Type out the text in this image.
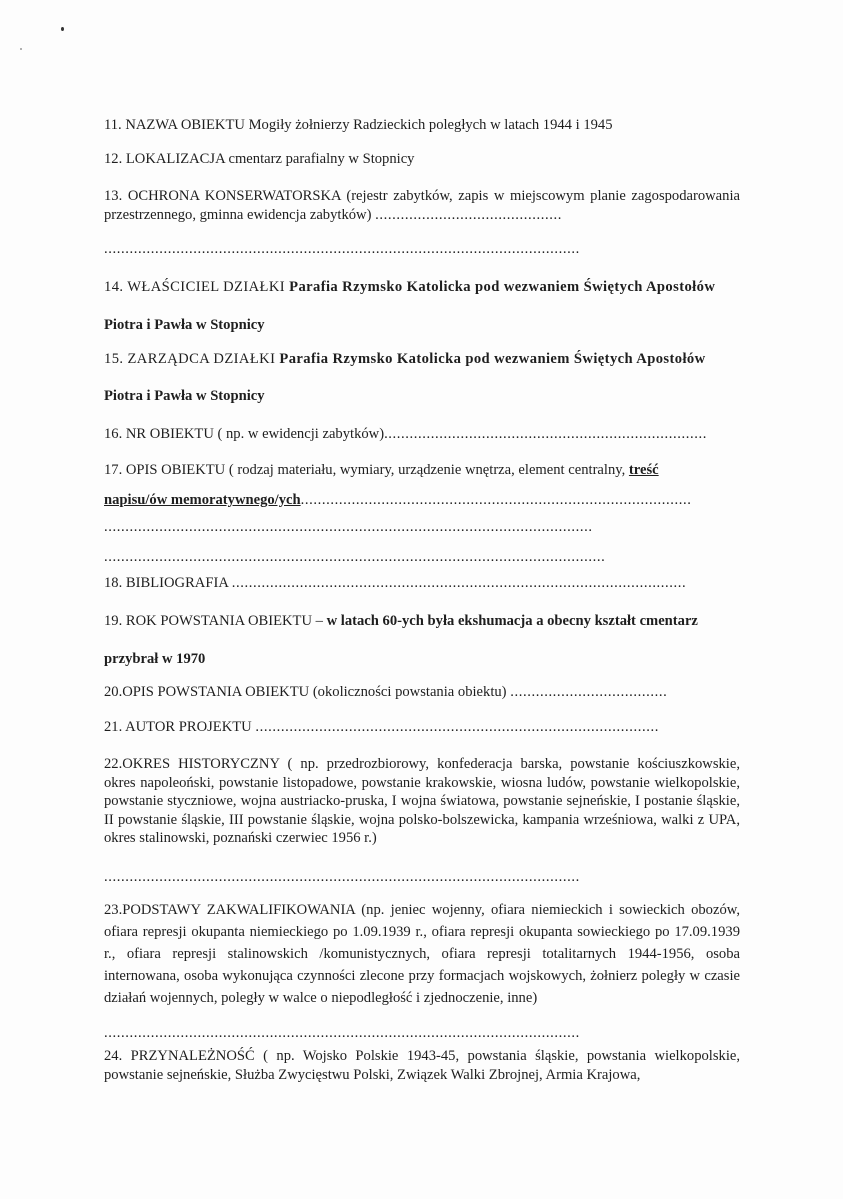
11. NAZWA OBIEKTU Mogiły żołnierzy Radzieckich poległych w latach 1944 i 1945
12. LOKALIZACJA cmentarz parafialny w Stopnicy
13. OCHRONA KONSERWATORSKA (rejestr zabytków, zapis w miejscowym planie zagospodarowania przestrzennego, gminna ewidencja zabytków) ............................................
................................................................................................................
14. WŁAŚCICIEL DZIAŁKI Parafia Rzymsko Katolicka pod wezwaniem Świętych Apostołów
Piotra i Pawła w Stopnicy
15. ZARZĄDCA DZIAŁKI Parafia Rzymsko Katolicka pod wezwaniem Świętych Apostołów
Piotra i Pawła w Stopnicy
16. NR OBIEKTU ( np. w ewidencji zabytków)............................................................................
17. OPIS OBIEKTU ( rodzaj materiału, wymiary, urządzenie wnętrza, element centralny, treść
napisu/ów memoratywnego/ych............................................................................................
...................................................................................................................
......................................................................................................................
18. BIBLIOGRAFIA ...........................................................................................................
19. ROK POWSTANIA OBIEKTU – w latach 60-ych była ekshumacja a obecny kształt cmentarz
przybrał w 1970
20.OPIS POWSTANIA OBIEKTU (okoliczności powstania obiektu) .....................................
21. AUTOR PROJEKTU ...............................................................................................
22.OKRES HISTORYCZNY ( np. przedrozbiorowy, konfederacja barska, powstanie kościuszkowskie, okres napoleoński, powstanie listopadowe, powstanie krakowskie, wiosna ludów, powstanie wielkopolskie, powstanie styczniowe, wojna austriacko-pruska, I wojna światowa, powstanie sejneńskie, I postanie śląskie, II powstanie śląskie, III powstanie śląskie, wojna polsko-bolszewicka, kampania wrześniowa, walki z UPA, okres stalinowski, poznański czerwiec 1956 r.)
................................................................................................................
23.PODSTAWY ZAKWALIFIKOWANIA (np. jeniec wojenny, ofiara niemieckich i sowieckich obozów, ofiara represji okupanta niemieckiego po 1.09.1939 r., ofiara represji okupanta sowieckiego po 17.09.1939 r., ofiara represji stalinowskich /komunistycznych, ofiara represji totalitarnych 1944-1956, osoba internowana, osoba wykonująca czynności zlecone przy formacjach wojskowych, żołnierz poległy w czasie działań wojennych, poległy w walce o niepodległość i zjednoczenie, inne)
................................................................................................................
24. PRZYNALEŻNOŚĆ ( np. Wojsko Polskie 1943-45, powstania śląskie, powstania wielkopolskie, powstanie sejneńskie, Służba Zwycięstwu Polski, Związek Walki Zbrojnej, Armia Krajowa,
